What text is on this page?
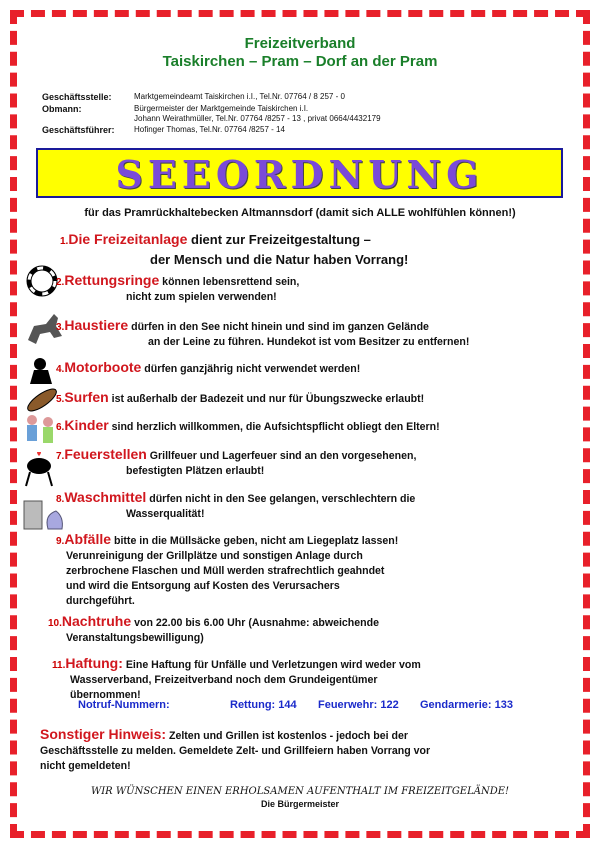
Freizeitverband
Taiskirchen – Pram – Dorf an der Pram
Geschäftsstelle:	Marktgemeindeamt Taiskirchen i.I., Tel.Nr. 07764 / 8 257 - 0
Obmann:	Bürgermeister der Marktgemeinde Taiskirchen i.I.
Johann Weirathmüller, Tel.Nr. 07764 /8257 - 13 , privat 0664/4432179
Geschäftsführer:	Hofinger Thomas, Tel.Nr. 07764 /8257 - 14
SEEORDNUNG
für das Pramrückhaltebecken Altmannsdorf (damit sich ALLE wohlfühlen können!)
1.Die Freizeitanlage dient zur Freizeitgestaltung –
der Mensch und die Natur haben Vorrang!
2.Rettungsringe können lebensrettend sein,
nicht zum spielen verwenden!
3.Haustiere dürfen in den See nicht hinein und sind im ganzen Gelände
an der Leine zu führen. Hundekot ist vom Besitzer zu entfernen!
4.Motorboote dürfen ganzjährig nicht verwendet werden!
5.Surfen ist außerhalb der Badezeit und nur für Übungszwecke erlaubt!
6.Kinder sind herzlich willkommen, die Aufsichtspflicht obliegt den Eltern!
7.Feuerstellen Grillfeuer und Lagerfeuer sind an den vorgesehenen,
befestigten Plätzen erlaubt!
8.Waschmittel dürfen nicht in den See gelangen, verschlechtern die
Wasserqualität!
9.Abfälle bitte in die Müllsäcke geben, nicht am Liegeplatz lassen!
Verunreinigung der Grillplätze und sonstigen Anlage durch
zerbrochene Flaschen und Müll werden strafrechtlich geahndet
und wird die Entsorgung auf Kosten des Verursachers
durchgeführt.
10.Nachtruhe von 22.00 bis 6.00 Uhr (Ausnahme: abweichende
Veranstaltungsbewilligung)
11.Haftung: Eine Haftung für Unfälle und Verletzungen wird weder vom
Wasserverband, Freizeitverband noch dem Grundeigentümer
übernommen!
Notruf-Nummern:	Rettung: 144 Feuerwehr: 122 Gendarmerie: 133
Sonstiger Hinweis: Zelten und Grillen ist kostenlos - jedoch bei der
Geschäftsstelle zu melden. Gemeldete Zelt- und Grillfeiern haben Vorrang vor
nicht gemeldeten!
WIR WÜNSCHEN EINEN ERHOLSAMEN AUFENTHALT IM FREIZEITGELÄNDE!
Die Bürgermeister
